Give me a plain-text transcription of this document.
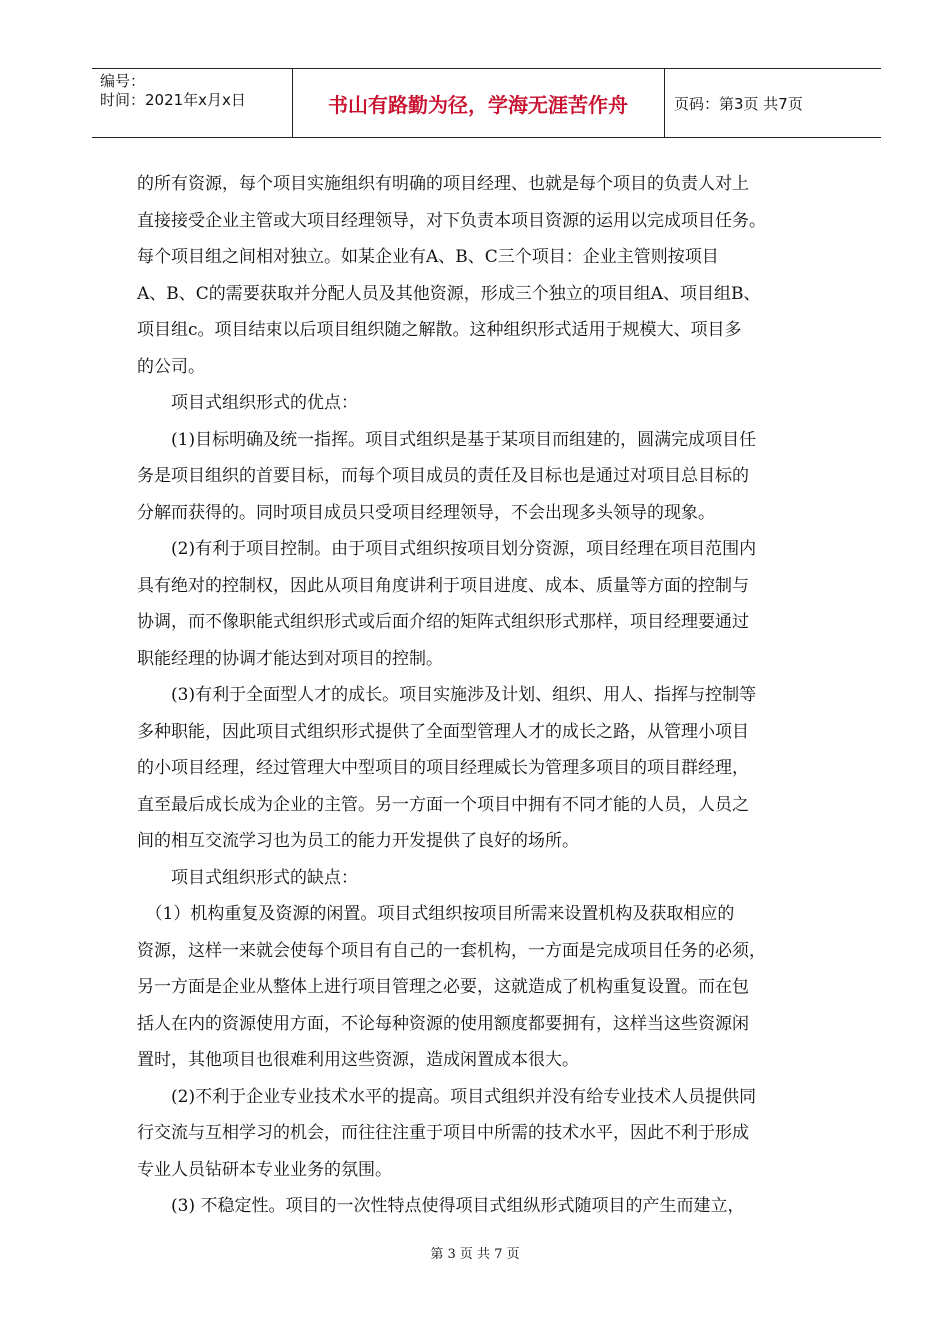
编号：
时间：2021年x月x日	书山有路勤为径，学海无涯苦作舟	页码：第3页 共7页
的所有资源，每个项目实施组织有明确的项目经理、也就是每个项目的负责人对上
直接接受企业主管或大项目经理领导，对下负责本项目资源的运用以完成项目任务。
每个项目组之间相对独立。如某企业有A、B、C三个项目：企业主管则按项目
A、B、C的需要获取并分配人员及其他资源，形成三个独立的项目组A、项目组B、
项目组c。项目结束以后项目组织随之解散。这种组织形式适用于规模大、项目多
的公司。
　　项目式组织形式的优点：
　　(1)目标明确及统一指挥。项目式组织是基于某项目而组建的，圆满完成项目任
务是项目组织的首要目标，而每个项目成员的责任及目标也是通过对项目总目标的
分解而获得的。同时项目成员只受项目经理领导，不会出现多头领导的现象。
　　(2)有利于项目控制。由于项目式组织按项目划分资源，项目经理在项目范围内
具有绝对的控制权，因此从项目角度讲利于项目进度、成本、质量等方面的控制与
协调，而不像职能式组织形式或后面介绍的矩阵式组织形式那样，项目经理要通过
职能经理的协调才能达到对项目的控制。
　　(3)有利于全面型人才的成长。项目实施涉及计划、组织、用人、指挥与控制等
多种职能，因此项目式组织形式提供了全面型管理人才的成长之路，从管理小项目
的小项目经理，经过管理大中型项目的项目经理威长为管理多项目的项目群经理，
直至最后成长成为企业的主管。另一方面一个项目中拥有不同才能的人员，人员之
间的相互交流学习也为员工的能力开发提供了良好的场所。
　　项目式组织形式的缺点：
　（1）机构重复及资源的闲置。项目式组织按项目所需来设置机构及获取相应的
资源，这样一来就会使每个项目有自己的一套机构，一方面是完成项目任务的必须，
另一方面是企业从整体上进行项目管理之必要，这就造成了机构重复设置。而在包
括人在内的资源使用方面，不论每种资源的使用额度都要拥有，这样当这些资源闲
置时，其他项目也很难利用这些资源，造成闲置成本很大。
　　(2)不利于企业专业技术水平的提高。项目式组织并没有给专业技术人员提供同
行交流与互相学习的机会，而往往注重于项目中所需的技术水平，因此不利于形成
专业人员钻研本专业业务的氛围。
　　(3) 不稳定性。项目的一次性特点使得项目式组纵形式随项目的产生而建立，
第 3 页 共 7 页
